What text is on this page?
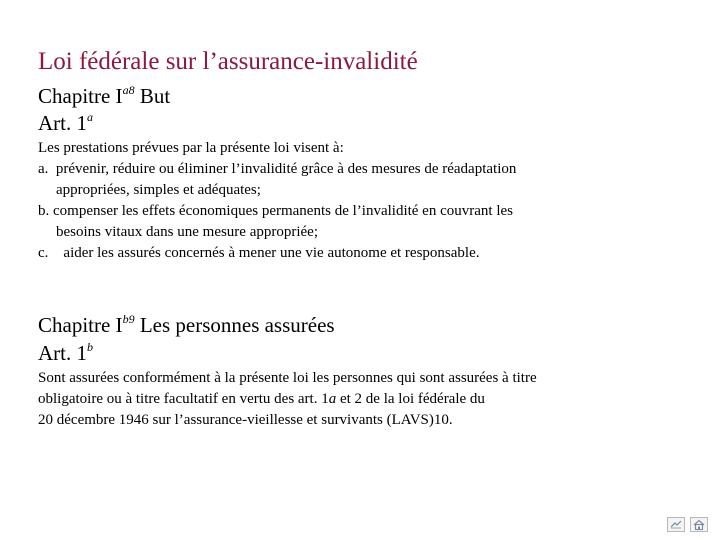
Loi fédérale sur l’assurance-invalidité
Chapitre $I^{a8}$ But
Art. 1$^a$

Les prestations prévues par la présente loi visent à:

a.  prévenir, réduire ou éliminer l’invalidité grâce à des mesures de réadaptation

appropriées, simples et adéquates;

b. compenser les effets économiques permanents de l’invalidité en couvrant les

besoins vitaux dans une mesure appropriée;

c.    aider les assurés concernés à mener une vie autonome et responsable.

Chapitre $I^{b9}$ Les personnes assurées
Art. 1$^b$

Sont assurées conformément à la présente loi les personnes qui sont assurées à titre

obligatoire ou à titre facultatif en vertu des art. 1a et 2 de la loi fédérale du

20 décembre 1946 sur l’assurance-vieillesse et survivants (LAVS)10.
